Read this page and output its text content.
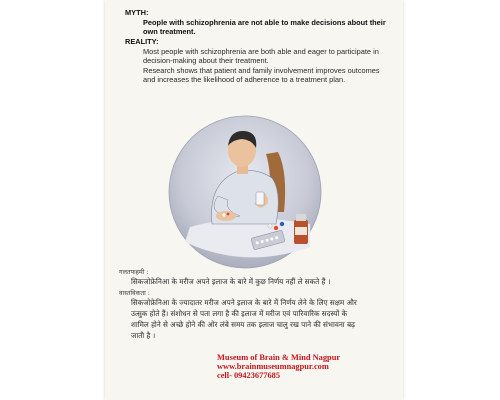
MYTH:
People with schizophrenia are not able to make decisions about their
own treatment.
REALITY:
Most people with schizophrenia are both able and eager to participate in
decision-making about their treatment.
Research shows that patient and family involvement improves outcomes
and increases the likelihood of adherence to a treatment plan.
गलतफहमी :
सिकजोफ्रेनिआ के मरीज अपने इलाज के बारे में कुछ निर्णय नहीं ले सकते हैं ।
वास्तविकता :
सिकजोफ्रेनिआ के ज्यादातर मरीज अपने इलाज के बारे में निर्णय लेने के लिए सक्षम और
उत्सुक होते हैं। संशोधन से पता लगा है की इलाज में मरीज एवं पारिवारिक सदस्यों के
शामिल होने से अच्छे होने की ओर लंबे समय तक इलाज चालु रख पाने की संभावना बढ़
जाती है ।
Museum of Brain & Mind Nagpur
www.brainmuseumnagpur.com
cell- 09423677685
